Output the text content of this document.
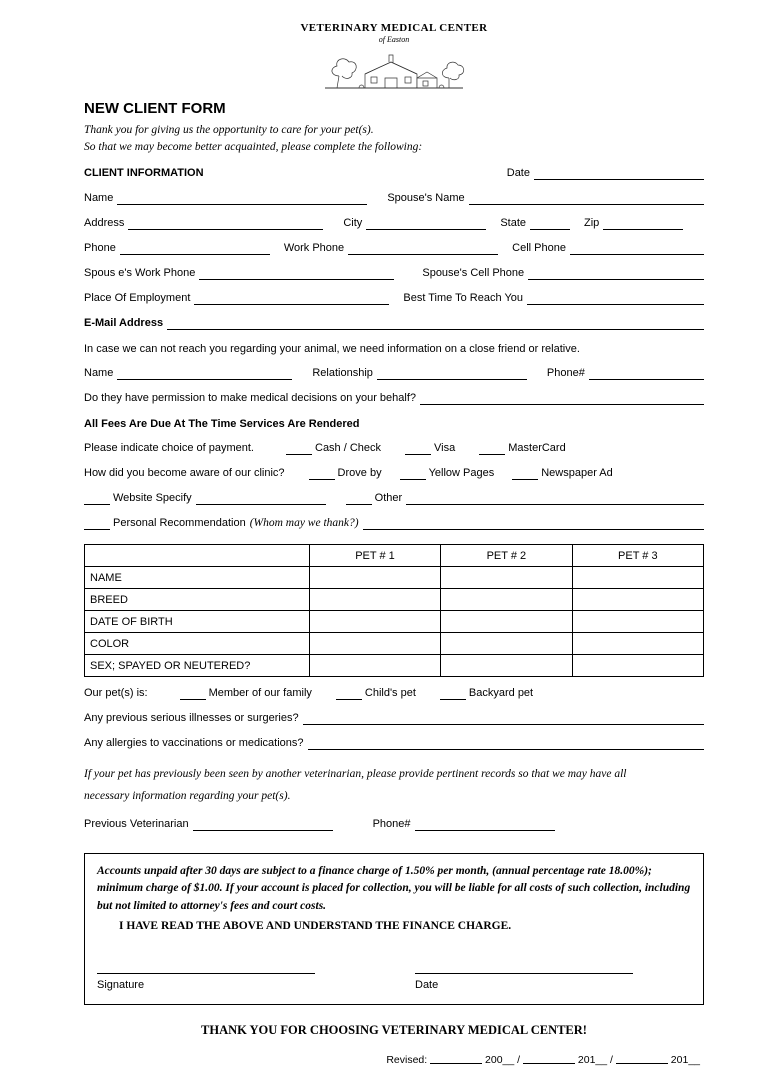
VETERINARY MEDICAL CENTER
of Easton
NEW CLIENT FORM
Thank you for giving us the opportunity to care for your pet(s).
So that we may become better acquainted, please complete the following:
CLIENT INFORMATION	Date
Name	Spouse's Name
Address	City	State	Zip
Phone	Work Phone	Cell Phone
Spous e's Work Phone	Spouse's Cell Phone
Place Of Employment	Best Time To Reach You
E-Mail Address
In case we can not reach you regarding your animal, we need information on a close friend or relative.
Name	Relationship	Phone#
Do they have permission to make medical decisions on your behalf?
All Fees Are Due At The Time Services Are Rendered
Please indicate choice of payment.	Cash / Check	Visa	MasterCard
How did you become aware of our clinic?	Drove by	Yellow Pages	Newspaper Ad
Website Specify	Other
Personal Recommendation (Whom may we thank?)
	PET # 1	PET # 2	PET # 3
NAME			
BREED			
DATE OF BIRTH			
COLOR			
SEX; SPAYED OR NEUTERED?			
Our pet(s) is:	Member of our family	Child's pet	Backyard pet
Any previous serious illnesses or surgeries?
Any allergies to vaccinations or medications?
If your pet has previously been seen by another veterinarian, please provide pertinent records so that we may have all
necessary information regarding your pet(s).
Previous Veterinarian	Phone#

Accounts unpaid after 30 days are subject to a finance charge of 1.50% per month, (annual percentage rate 18.00%); minimum charge of $1.00. If your account is placed for collection, you will be liable for all costs of such collection, including but not limited to attorney's fees and court costs.

I HAVE READ THE ABOVE AND UNDERSTAND THE FINANCE CHARGE.
Signature	Date
THANK YOU FOR CHOOSING VETERINARY MEDICAL CENTER!
Revised:	200__ /	201__ /	201__
